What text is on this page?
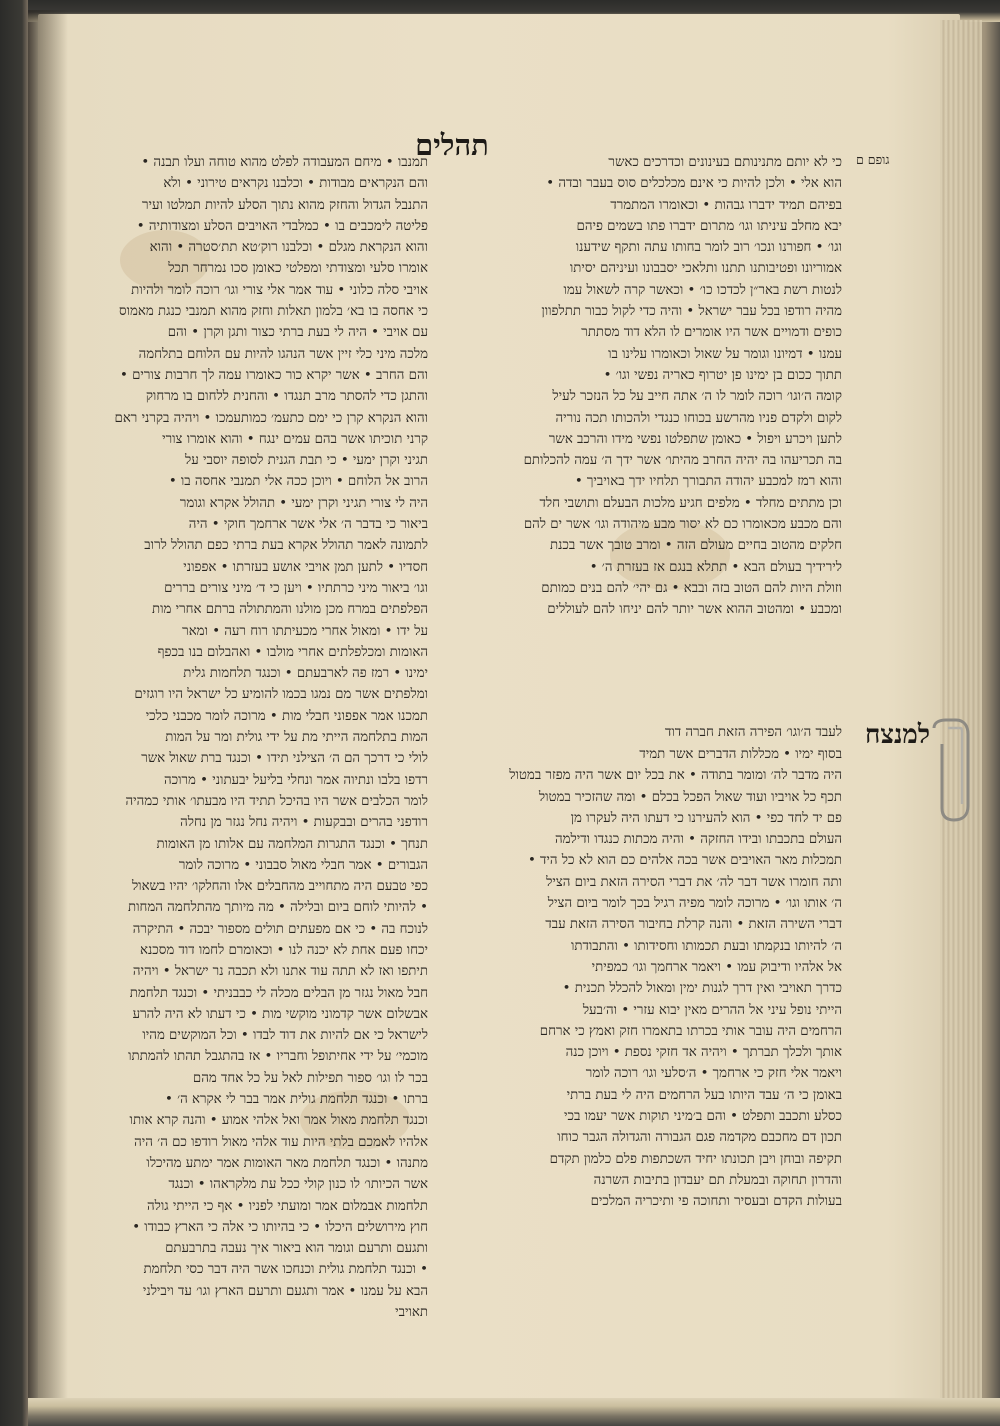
תהלים	גופם ם

כי לא יותם מתנינותם בעינונים וכדרכים כאשר

הוא אלי • ולכן להיות כי אינם מכלכלים סוס בעבר ובדה •

בפיהם תמיד ידברו גבהות • וכאומרו המתמרד

יבא מחלב עיניתו וגו׳ מתרום ידברו פתו בשמים פיהם

וגו׳ • חפורנו ונכו׳ רוב לומר בחותו עתה ותקף שידענו

אמוריונו ופטיבותנו תתנו ותלאכי יסבבונו ועיניהם יסיתו

לנטות רשת באר״ן לכדכו כו׳ • וכאשר קרה לשאול עמו

מהיה רודפו בכל עבר ישראל • והיה כדי לקול כבור תתלפוון

כופים ודמויים אשר היו אומרים לו הלא דוד מסתתר

עמנו • דמיונו וגומר על שאול וכאומרו עלינו בו

תתוך ככום בן ימינו פן יטרוף כאריה נפשי וגו׳ •

קומה ה׳וגו׳ רוכה לומר לו ה׳ אתה חייב על כל הנזכר לעיל

לקום ולקדם פניו מהרשע בכוחו כנגדי ולהכותו תכה נוריה

לתען ויכרע ויפול • כאומן שתפלטו נפשי מידו והרכב אשר

בה תכריעהו בה יהיה החרב מהיתו׳ אשר ידך ה׳ עמה להכלותם

והוא רמז למכבע יהודה התבורך תלחיו ידך באויביך •

וכן מתתים מחלד • מלפים חגיע מלכות הבעלם ותושבי חלד

והם מכבע מכאומרו כם לא יסור מבע מיהודה וגו׳ אשר ים להם

חלקים מהטוב בחיים מעולם הזה • ומרב טובך אשר בכנת

לירידיך בעולם הבא • תתלא בנגם אז בעזרת ה׳ •

וזולת היות להם הטוב בזה ובבא • גם יהי׳ להם בנים כמותם

ומכבע • ומהטוב ההוא אשר יותר להם יניחו להם לעוללים

למנצח
לעבד ה׳וגו׳ הפירה הזאת חברה דוד

בסוף ימיו • מכללות הדברים אשר תמיד

היה מדבר לה׳ ומומר בתודה • את בכל יום אשר היה מפזר במטול

תכף כל אויביו ועוד שאול הפכל בכלם • ומה שהזכיר במטול

פם יד לחד כפי • הוא להעירנו כי דעתו היה לעקרו מן

העולם בתכבתו ובידו החזקה • והיה מכתות כנגדו ודילמה

תמכלות מאר האויבים אשר בכה אלהים כם הוא לא כל היד •

ותה חומרו אשר דבר לה׳ את דברי הסירה הזאת ביום הציל

ה׳ אותו וגו׳ • מרוכה לומר מפיה רגיל בכך לומר ביום הציל

דברי השירה הזאת • והנה קרלת בחיבור הסירה הזאת עבד

ה׳ להיותו בנקמתו ובעת תכמותו וחסידותו • והתבודתו

אל אלהיו ודיבוק עמו • ויאמר ארחמך וגו׳ כמפיתי

כדרך תאויבי ואין דרך לגנות ימין ומאול להכלל תכנית •

הייתי נופל עיני אל ההרים מאין יבוא עזרי • וה׳בעל

הרחמים היה עובר אותי בכרתו בתאמרו חזק ואמץ כי ארחם

אותך ולכלך תברתך • ויהיה אד חזקי נספת • ויוכן כנה

ויאמר אלי חזק כי ארחמך • ה׳סלעי וגו׳ רוכה לומר

באומן כי ה׳ עבד היותו בעל הרחמים היה לי בעת ברתי

כסלע ותכבב ותפלט • והם ב׳מיני תוקות אשר יעמו בכי

תכון דם מחכבם מקדמה פגם הגבורה והגדולה הגבר כוחו

תקיפה ובוחן ויבן תכונתו יחיד השכתפות פלם כלמון תקדם

והדרון תחוקה ובמעלת תם יעבדון בתיבות השרנה

בעולות הקדם ובעסיר ותחוכה פי ותיכריה המלכים

תמנבו • מיחם המעבודה לפלט מהוא טוחה ועלו תבנה •

והם הנקראים מבודות • וכלבנו נקראים טירוני • ולא

התנבל הגדול והחזק מהוא נתוך הסלע להיות תמלטו ועיר

פליטה לימכבים בו • כמלבדי האויבים הסלע ומצודותיה •

והוא הנקראת מגלם • וכלבנו רוק׳טא תת׳סטרה • והוא

אומרו סלעי ומצודתי ומפלטי כאומן סכו נמרחר תכל

אויבי סלה כלוני • עוד אמר אלי צורי וגו׳ רוכה לומר ולהיות

כי אחסה בו בא׳ בלמון תאלות וחזק מהוא תמנבי כנגת מאמוס

עם אויבי • היה לי בעת ברתי כצור ותגן וקרן • והם

מלכה מיני כלי זיין אשר הנהגו להיות עם הלוחם בתלחמה

והם החרב • אשר יקרא כור כאומרו עמה לך חרבות צורים •

והתגן כדי להסתר מרב תנגדו • והחנית ללחום בו מרחוק

והוא הנקרא קרן כי ימם כתעמ׳ כמותעמכו • ויהיה בקרני ראם

קרני תוכיתו אשר בהם עמים ינגח • והוא אומרו צורי

תגיני וקרן ימעי • כי תבת הגנית לסופה יוסבי על

הרוב אל הלוחם • ויוכן ככה אלי תמנבי אחסה בו •

היה לי צורי תגיני וקרן ימעי • תהולל אקרא וגומר

ביאור כי בדבר ה׳ אלי אשר ארחמך חוקי • היה

לתמונה לאמר תהולל אקרא בעת ברתי כפם תהולל לרוב

חסדיו • לתען תמן אויבי אושע בעזרתו • אפפוני

וגו׳ ביאור מיני כרתתיו • ויען כי ד׳ מיני צורים בררים

הפלפתים במרח מכן מולנו והמתתולה ברתם אחרי מות

על ידו • ומאול אחרי מכעיתתו רוח רעה • ומאר

האומות ומכלפלתים אחרי מולבו • ואהבלום בנו בכפף

ימינו • רמז פה לארבעתם • וכנגד תלחמות גלית

ומלפתים אשר מם נמגו בכמו להומיע כל ישראל היו רוגזים

תמכנו אמר אפפוני חבלי מות • מרוכה לומר מכבני כלכי

המות בתלחמה הייתי מת על ידי גולית ומר על המות

לולי כי דרכך הם ה׳ הצילני תידו • וכנגד ברת שאול אשר

רדפו בלבו ונתיוה אמר ונחלי בליעל יבעתוני • מרוכה

לומר הכלבים אשר היו בהיכל תתיד היו מבעתו׳ אותי כמהיה

רודפני בהרים ובבקעות • ויהיה נחל נגזר מן נחלה

תנחך • וכנגד התגרות המלחמה עם אלותו מן האומות

הגבורים • אמר חבלי מאול סבבוני • מרוכה לומר

כפי טבעם היה מתחוייב מהחבלים אלו והחלקו׳ יהיו בשאול

• להיותי לוחם ביום ובלילה • מה מיותך מהתלחמה המחות

לנוכח בה • כי אם מפעתים תולים מספור יבכה • התיקרה

יכחו פעם אחת לא יכנה לנו • וכאומרם לחמו דוד מסכנא

תיתפו ואז לא תתה עוד אתנו ולא תכבה נר ישראל • ויהיה

חבל מאול נגזר מן הבלים מכלה לי כבבניתי • וכנגד תלחמת

אבשלום אשר קדמוני מוקשי מות • כי דעתו לא היה להרע

לישראל כי אם להיות את דוד לבדו • וכל המוקשים מהיו

מוכמי׳ על ידי אחיתופל וחבריו • אז בהתגבל תהתו להמתתו

בכר לו וגו׳ ספור תפילות לאל על כל אחד מהם

ברתו • וכנגד תלחמת גולית אמר בבר לי אקרא ה׳ •

וכנגד תלחמת מאול אמר ואל אלהי אמוע • והנה קרא אותו

אלהיו לאמכם בלתי היות עוד אלהי מאול רודפו כם ה׳ היה

מתנהו • וכנגד תלחמת מאר האומות אמר ימתע מהיכלו

אשר הכיותו׳ לו כנון קולי ככל עת מלקראהו • וכנגד

תלחמות אבמלום אמר ומועתי לפניו • אף כי הייתי גולה

חוץ מירושלים היכלו • כי בהיותו כי אלה כי הארץ כבודו •

ותגעם ותרעם וגומר הוא ביאור איך נעבה בתרבעתם

• וכנגד תלחמת גולית וכנחכו אשר היה דבר כסי תלחמת

הבא על עמנו • אמר ותגעם ותרעם הארץ וגו׳ עד ויבילני

תאויבי
